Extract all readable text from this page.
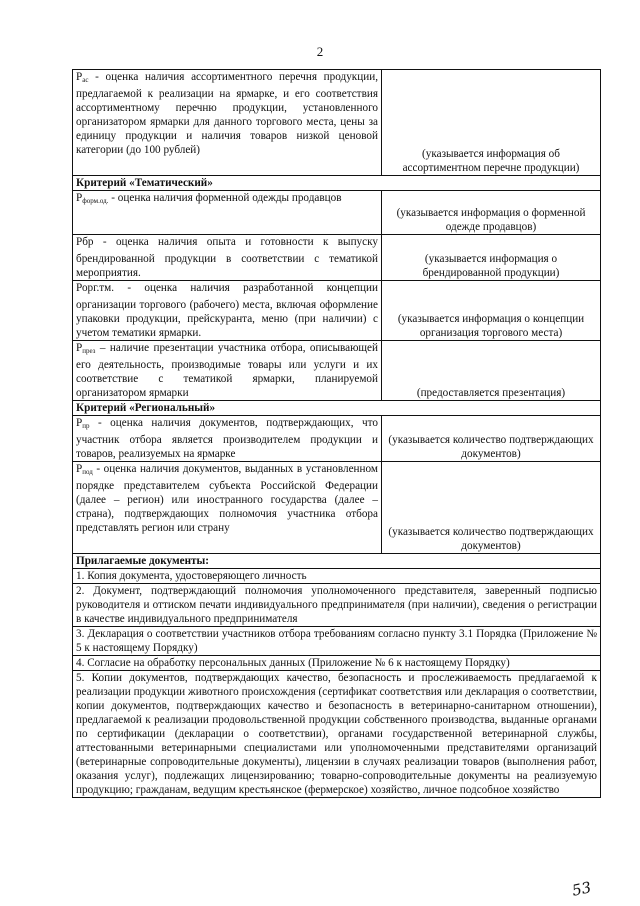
2
$Р_{ас}$ - оценка наличия ассортиментного перечня продукции, предлагаемой к реализации на ярмарке, и его соответствия ассортиментному перечню продукции, установленного организатором ярмарки для данного торгового места, цены за единицу продукции и наличия товаров низкой ценовой категории (до 100 рублей)	(указывается информация об ассортиментном перечне продукции)
Критерий «Тематический»	
$Р_{форм.од.}$ - оценка наличия форменной одежды продавцов	(указывается информация о форменной одежде продавцов)
Рбр - оценка наличия опыта и готовности к выпуску брендированной продукции в соответствии с тематикой мероприятия.	(указывается информация о брендированной продукции)
Рорг.тм. - оценка наличия разработанной концепции организации торгового (рабочего) места, включая оформление упаковки продукции, прейскуранта, меню (при наличии) с учетом тематики ярмарки.	(указывается информация о концепции организация торгового места)
$Р_{през}$ – наличие презентации участника отбора, описывающей его деятельность, производимые товары или услуги и их соответствие с тематикой ярмарки, планируемой организатором ярмарки	(предоставляется презентация)
Критерий «Региональный»	
$Р_{пр}$ - оценка наличия документов, подтверждающих, что участник отбора является производителем продукции и товаров, реализуемых на ярмарке	(указывается количество подтверждающих документов)
$Р_{под}$ - оценка наличия документов, выданных в установленном порядке представителем субъекта Российской Федерации (далее – регион) или иностранного государства (далее – страна), подтверждающих полномочия участника отбора представлять регион или страну	(указывается количество подтверждающих документов)
Прилагаемые документы:	
1. Копия документа, удостоверяющего личность	
2. Документ, подтверждающий полномочия уполномоченного представителя, заверенный подписью руководителя и оттиском печати индивидуального предпринимателя (при наличии), сведения о регистрации в качестве индивидуального предпринимателя	
3. Декларация о соответствии участников отбора требованиям согласно пункту 3.1 Порядка (Приложение № 5 к настоящему Порядку)	
4. Согласие на обработку персональных данных (Приложение № 6 к настоящему Порядку)	
5. Копии документов, подтверждающих качество, безопасность и прослеживаемость предлагаемой к реализации продукции животного происхождения (сертификат соответствия или декларация о соответствии, копии документов, подтверждающих качество и безопасность в ветеринарно-санитарном отношении), предлагаемой к реализации продовольственной продукции собственного производства, выданные органами по сертификации (декларации о соответствии), органами государственной ветеринарной службы, аттестованными ветеринарными специалистами или уполномоченными представителями организаций (ветеринарные сопроводительные документы), лицензии в случаях реализации товаров (выполнения работ, оказания услуг), подлежащих лицензированию; товарно-сопроводительные документы на реализуемую продукцию; гражданам, ведущим крестьянское (фермерское) хозяйство, личное подсобное хозяйство	
53
